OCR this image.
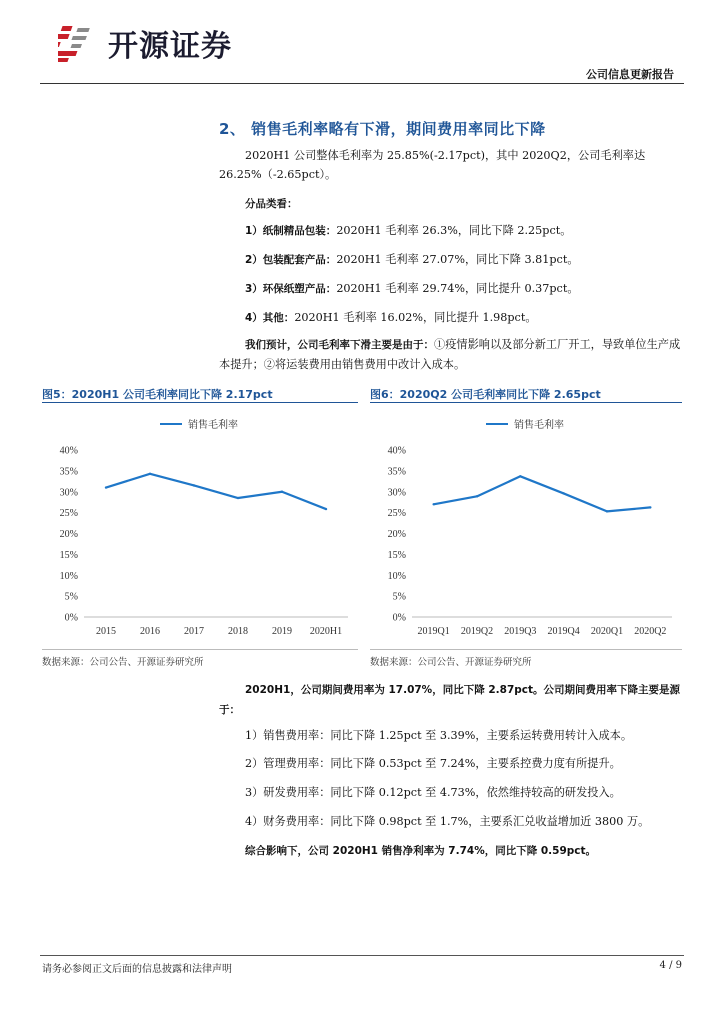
开源证券
公司信息更新报告
2、 销售毛利率略有下滑，期间费用率同比下降
2020H1 公司整体毛利率为 25.85%(-2.17pct)，其中 2020Q2，公司毛利率达 26.25%（-2.65pct）。
分品类看：
1）纸制精品包装：2020H1 毛利率 26.3%，同比下降 2.25pct。
2）包装配套产品：2020H1 毛利率 27.07%，同比下降 3.81pct。
3）环保纸塑产品：2020H1 毛利率 29.74%，同比提升 0.37pct。
4）其他：2020H1 毛利率 16.02%，同比提升 1.98pct。
我们预计，公司毛利率下滑主要是由于：①疫情影响以及部分新工厂开工，导致单位生产成本提升；②将运装费用由销售费用中改计入成本。
图5：2020H1 公司毛利率同比下降 2.17pct
销售毛利率
0%
5%
10%
15%
20%
25%
30%
35%
40%
2015 2016 2017 2018 2019 2020H1
数据来源：公司公告、开源证券研究所
图6：2020Q2 公司毛利率同比下降 2.65pct
销售毛利率
0%
5%
10%
15%
20%
25%
30%
35%
40%
2019Q1 2019Q2 2019Q3 2019Q4 2020Q1 2020Q2
数据来源：公司公告、开源证券研究所
2020H1，公司期间费用率为 17.07%，同比下降 2.87pct。公司期间费用率下降主要是源于：
1）销售费用率：同比下降 1.25pct 至 3.39%，主要系运转费用转计入成本。
2）管理费用率：同比下降 0.53pct 至 7.24%，主要系控费力度有所提升。
3）研发费用率：同比下降 0.12pct 至 4.73%，依然维持较高的研发投入。
4）财务费用率：同比下降 0.98pct 至 1.7%，主要系汇兑收益增加近 3800 万。
综合影响下，公司 2020H1 销售净利率为 7.74%，同比下降 0.59pct。
请务必参阅正文后面的信息披露和法律声明	4 / 9
